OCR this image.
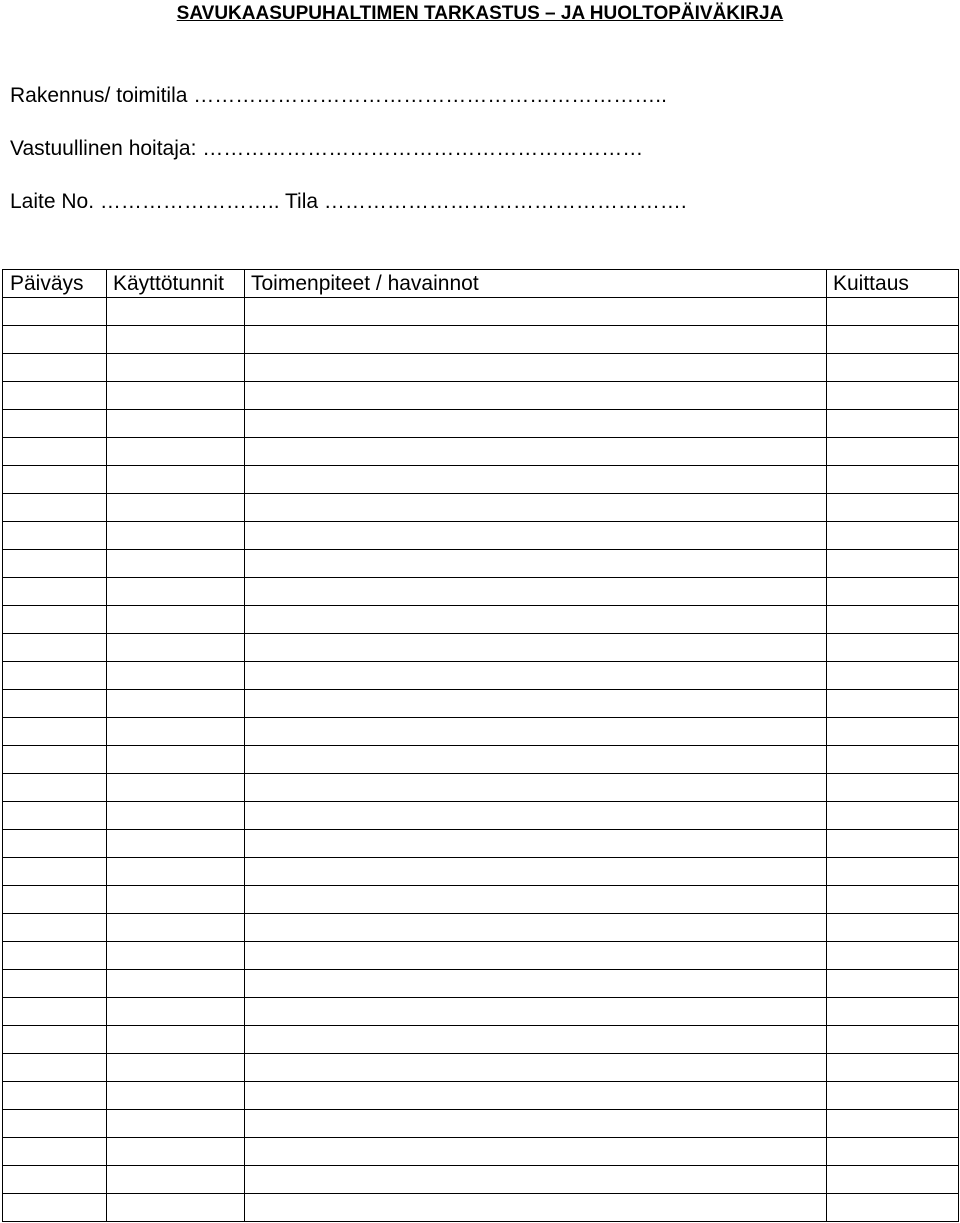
SAVUKAASUPUHALTIMEN TARKASTUS – JA HUOLTOPÄIVÄKIRJA
Rakennus/ toimitila …………………………………………………………..
Vastuullinen hoitaja: ………………………………………………………
Laite No. …………………….. Tila …………………………………………….
Päiväys	Käyttötunnit	Toimenpiteet / havainnot	Kuittaus
